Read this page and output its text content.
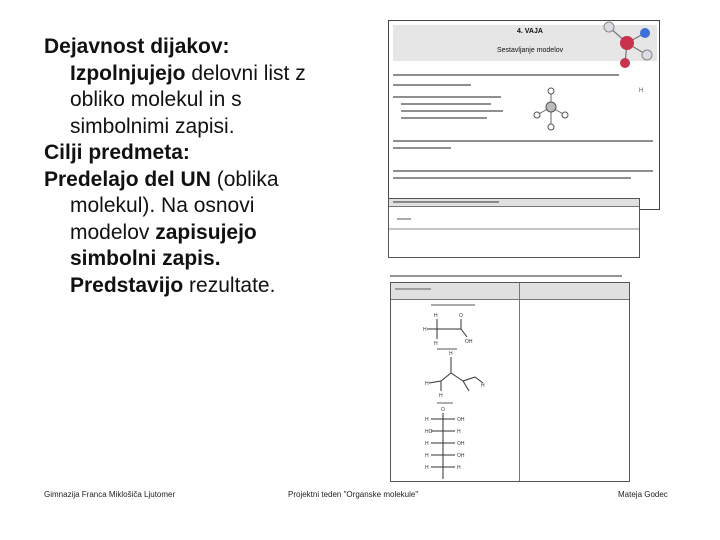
Dejavnost dijakov:
Izpolnjujejo delovni list z
obliko molekul in s
simbolnimi zapisi.

Cilji predmeta:
Predelajo del UN (oblika
molekul). Na osnovi
modelov zapisujejo
simbolni zapis.
Predstavijo rezultate.

4. VAJA
Sestavljanje modelov
H
H
H
H
O
OH
H
H
H
H
O
H	OH
HO	H
H	OH
H	OH
H	H
Gimnazija Franca Miklošiča Ljutomer	Projektni teden "Organske molekule"	Mateja Godec
